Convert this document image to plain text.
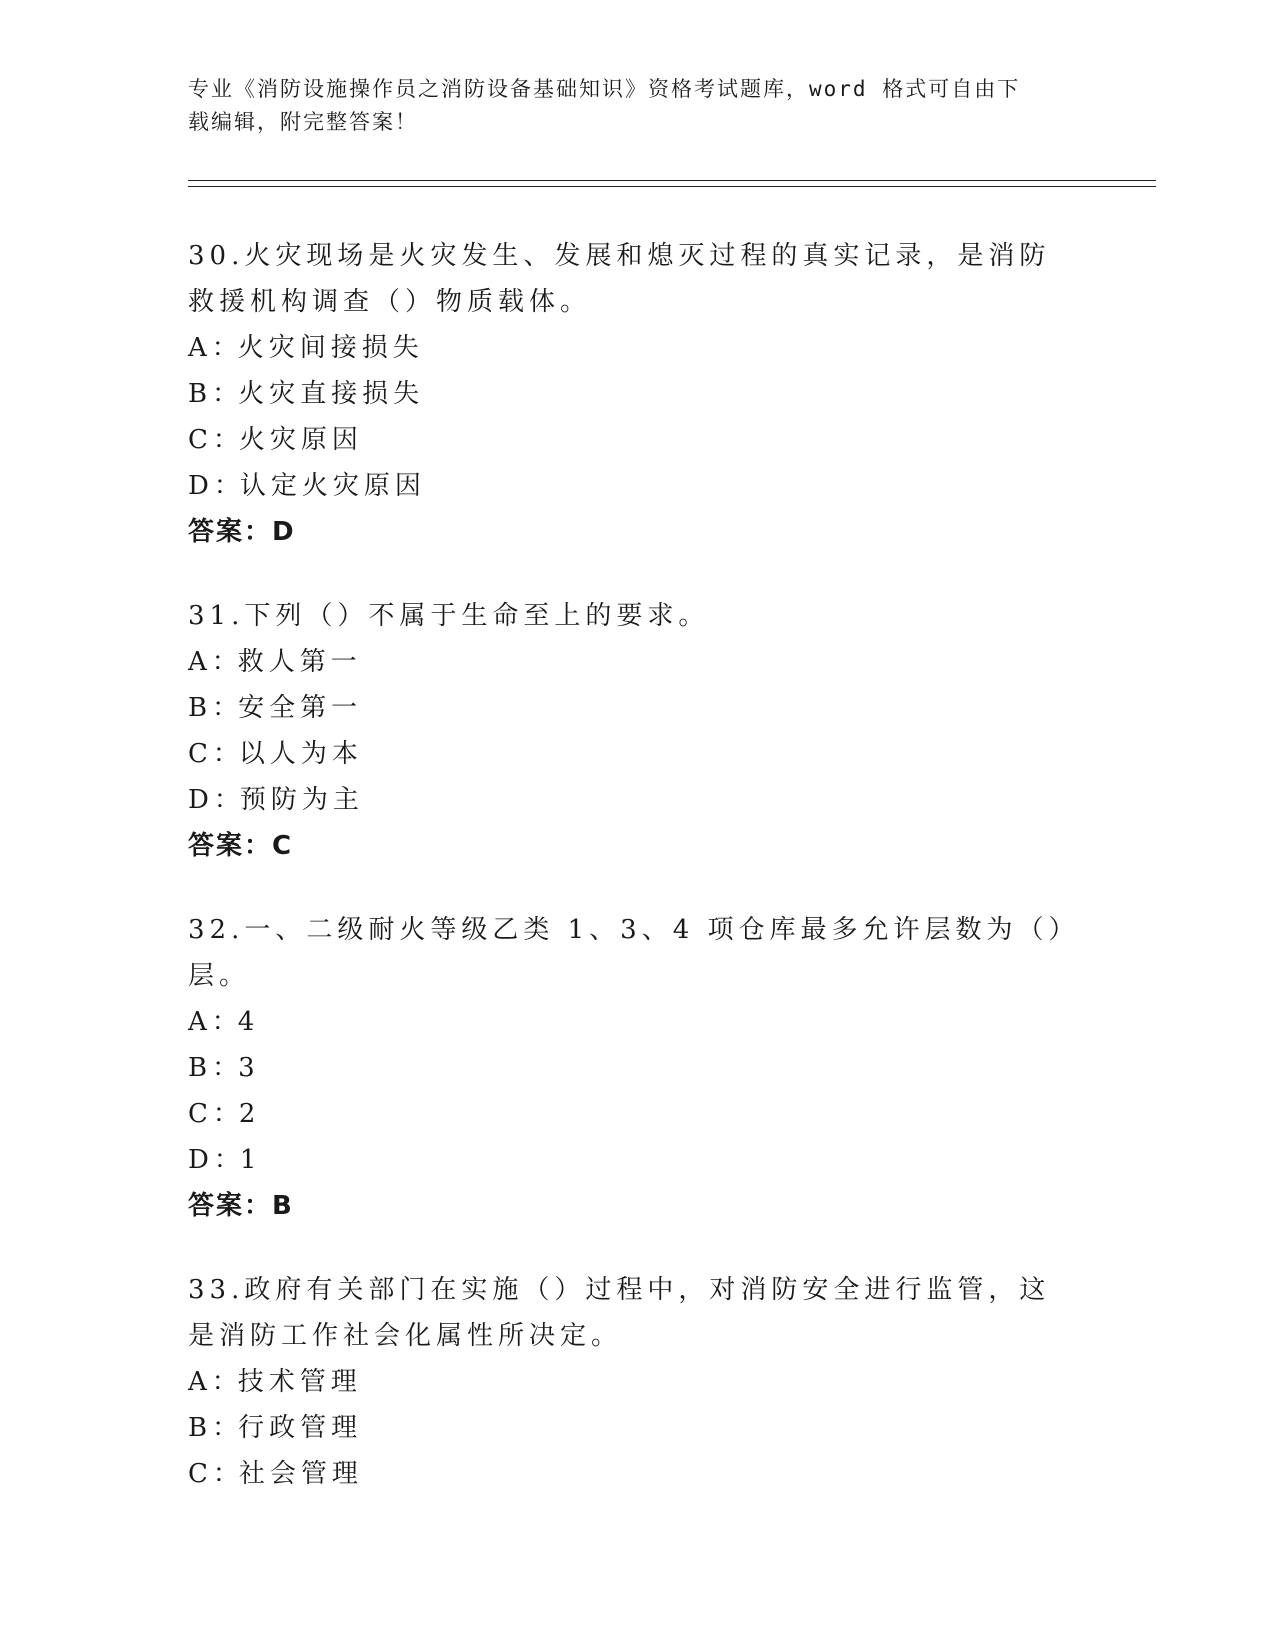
专业《消防设施操作员之消防设备基础知识》资格考试题库，word 格式可自由下
载编辑，附完整答案！
30.火灾现场是火灾发生、发展和熄灭过程的真实记录，是消防救援机构调查（）物质载体。
A：火灾间接损失
B：火灾直接损失
C：火灾原因
D：认定火灾原因
答案：D
31.下列（）不属于生命至上的要求。
A：救人第一
B：安全第一
C：以人为本
D：预防为主
答案：C
32.一、二级耐火等级乙类 1、3、4 项仓库最多允许层数为（）层。
A：4
B：3
C：2
D：1
答案：B
33.政府有关部门在实施（）过程中，对消防安全进行监管，这是消防工作社会化属性所决定。
A：技术管理
B：行政管理
C：社会管理
